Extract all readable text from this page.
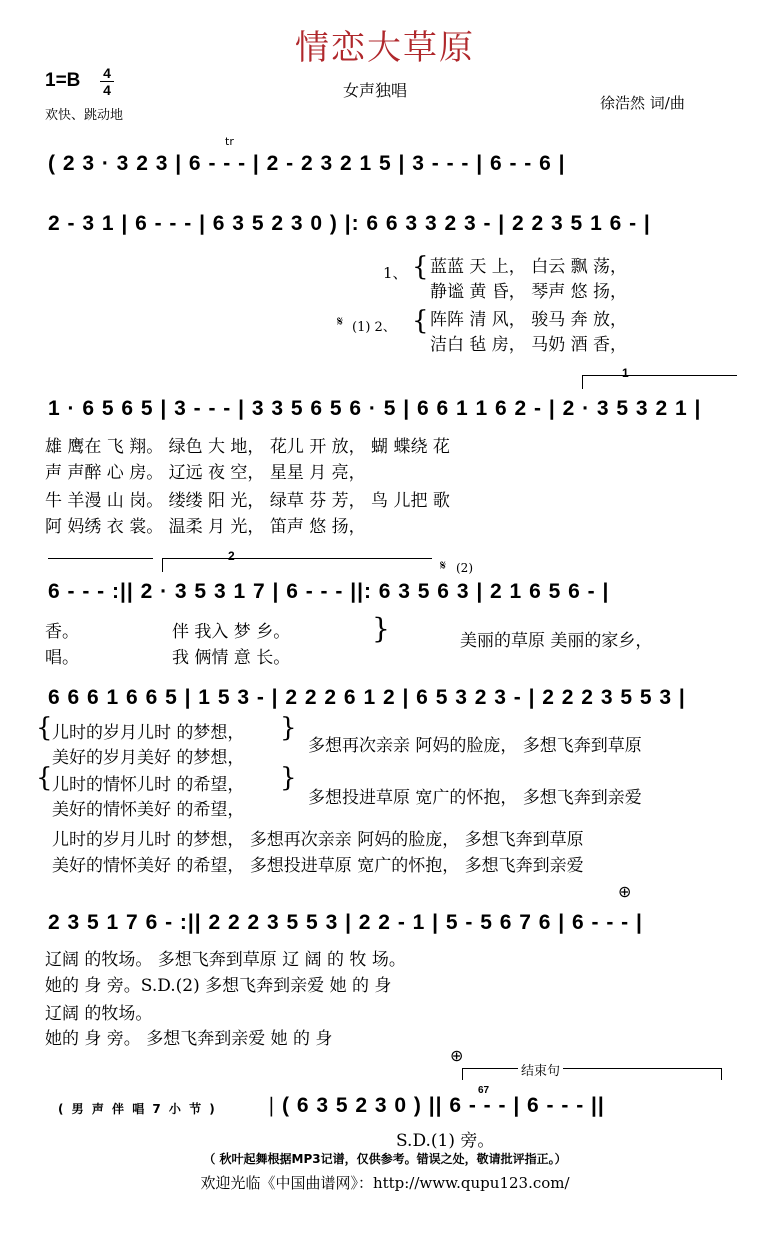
情恋大草原
1=B 4
4
欢快、跳动地
女声独唱
徐浩然 词/曲
( 2 3 · 3 2 3 | 6 - - - | 2 - 2 3 2 1 5 | 3 - - - | 6 - - 6 |
tr
2 - 3 1 | 6 - - - | 6 3 5 2 3 0 ) |: 6 6 3 3 2 3 - | 2 2 3 5 1 6 - |
1、
𝄋 (1) 2、
{
{
蓝蓝 天 上， 白云 飘 荡，
静谧 黄 昏， 琴声 悠 扬，
阵阵 清 风， 骏马 奔 放，
洁白 毡 房， 马奶 酒 香，
1
1 · 6 5 6 5 | 3 - - - | 3 3 5 6 5 6 · 5 | 6 6 1 1 6 2 - | 2 · 3 5 3 2 1 |
雄 鹰在 飞 翔。 绿色 大 地， 花儿 开 放， 蝴 蝶绕 花
声 声醉 心 房。 辽远 夜 空， 星星 月 亮，
牛 羊漫 山 岗。 缕缕 阳 光， 绿草 芬 芳， 鸟 儿把 歌
阿 妈绣 衣 裳。 温柔 月 光， 笛声 悠 扬，
2
𝄋 (2)
6 - - - :|| 2 · 3 5 3 1 7 | 6 - - - ||: 6 3 5 6 3 | 2 1 6 5 6 - |
香。
唱。
伴 我入 梦 乡。
我 俩情 意 长。
}	美丽的草原 美丽的家乡，
6 6 6 1 6 6 5 | 1 5 3 - | 2 2 2 6 1 2 | 6 5 3 2 3 - | 2 2 2 3 5 5 3 |
{
{
儿时的岁月儿时 的梦想，
美好的岁月美好 的梦想，
儿时的情怀儿时 的希望，
美好的情怀美好 的希望，
}
}
多想再次亲亲 阿妈的脸庞， 多想飞奔到草原
多想投进草原 宽广的怀抱， 多想飞奔到亲爱
儿时的岁月儿时 的梦想， 多想再次亲亲 阿妈的脸庞， 多想飞奔到草原
美好的情怀美好 的希望， 多想投进草原 宽广的怀抱， 多想飞奔到亲爱
⊕
2 3 5 1 7 6 - :|| 2 2 2 3 5 5 3 | 2 2 - 1 | 5 - 5 6 7 6 | 6 - - - |
辽阔 的牧场。 多想飞奔到草原 辽 阔 的 牧 场。
她的 身 旁。S.D.(2) 多想飞奔到亲爱 她 的 身
辽阔 的牧场。
她的 身 旁。 多想飞奔到亲爱 她 的 身
⊕
结束句
( 男 声 伴 唱 7 小 节 )	|
67
( 6 3 5 2 3 0 ) || 6 - - - | 6 - - - ||
S.D.(1) 旁。
（ 秋叶起舞根据MP3记谱，仅供参考。错误之处，敬请批评指正。）
欢迎光临《中国曲谱网》：http://www.qupu123.com/
